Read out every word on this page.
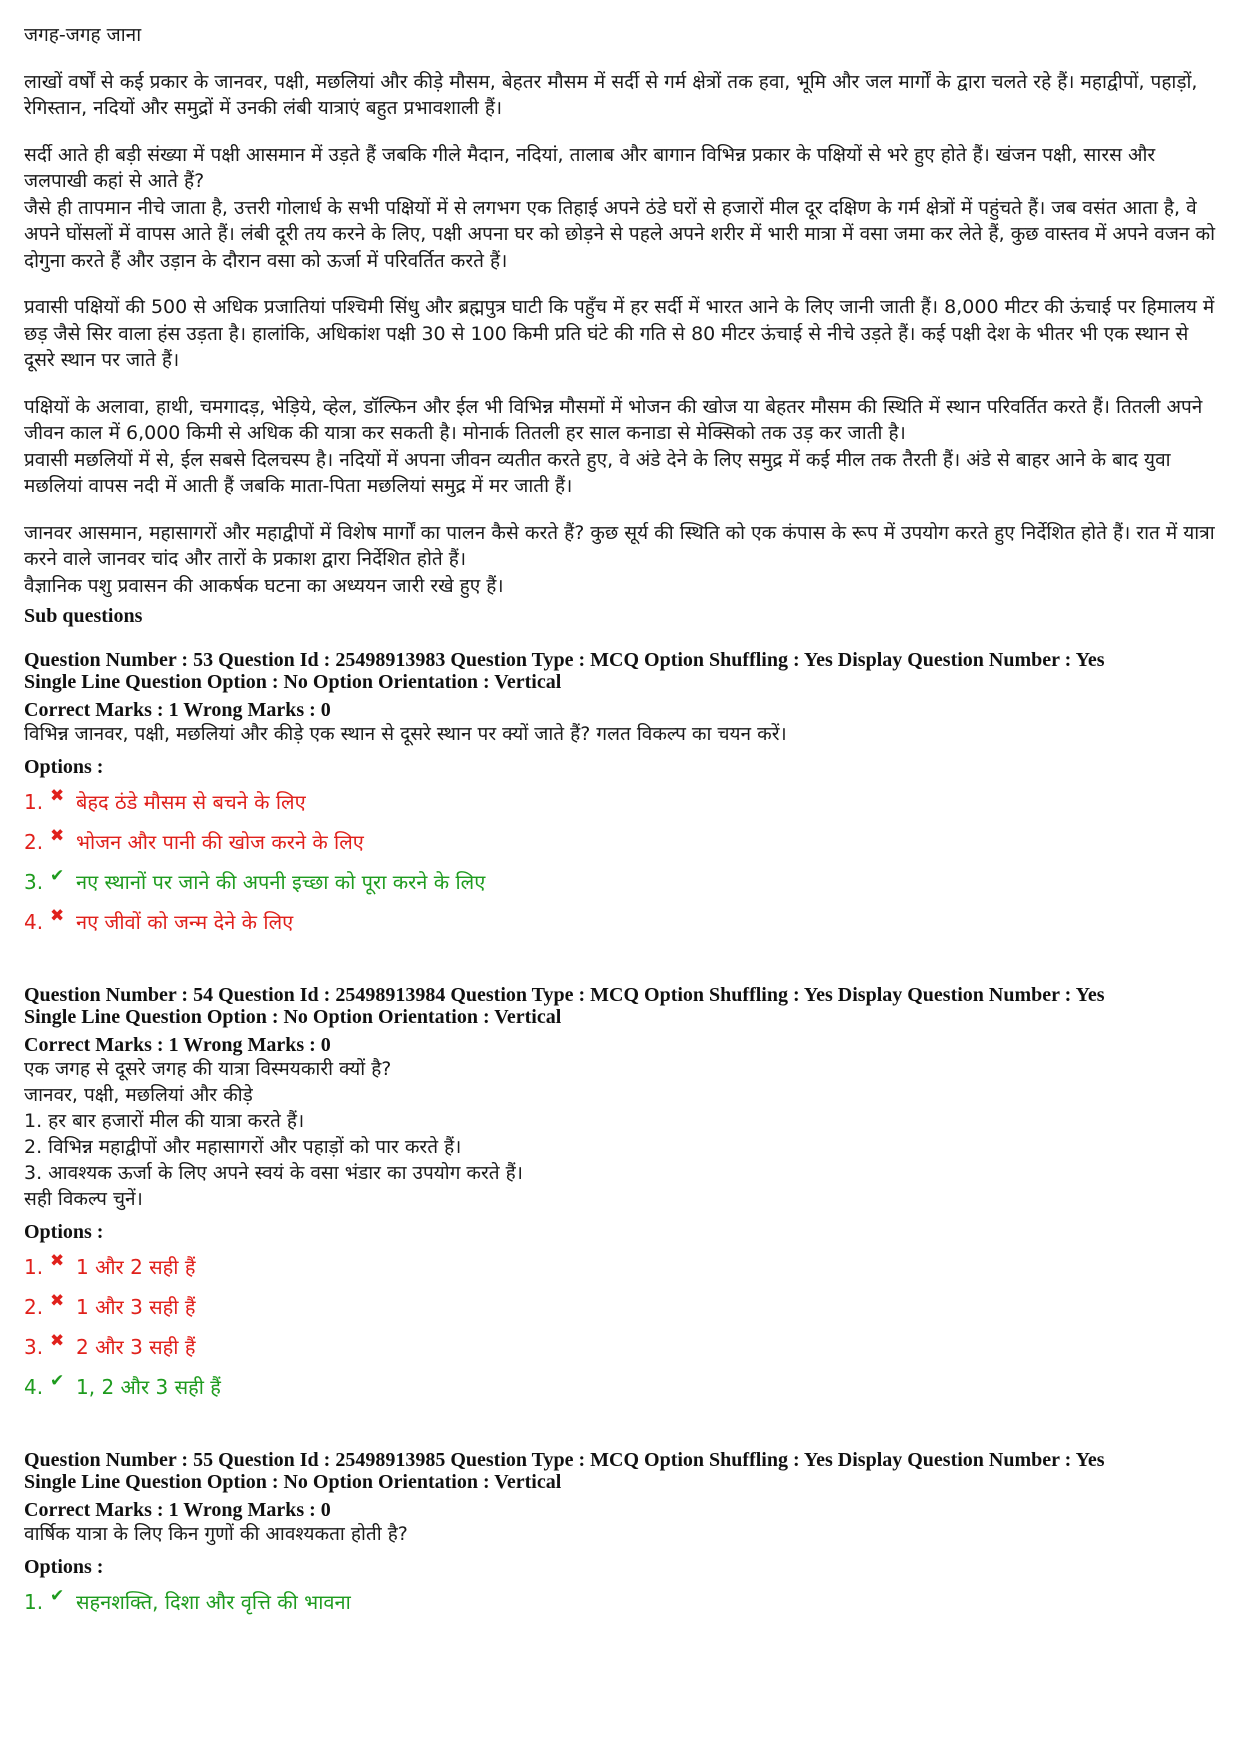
जगह-जगह जाना

लाखों वर्षों से कई प्रकार के जानवर, पक्षी, मछलियां और कीड़े मौसम, बेहतर मौसम में सर्दी से गर्म क्षेत्रों तक हवा, भूमि और जल मार्गों के द्वारा चलते रहे हैं। महाद्वीपों, पहाड़ों, रेगिस्तान, नदियों और समुद्रों में उनकी लंबी यात्राएं बहुत प्रभावशाली हैं।

सर्दी आते ही बड़ी संख्या में पक्षी आसमान में उड़ते हैं जबकि गीले मैदान, नदियां, तालाब और बागान विभिन्न प्रकार के पक्षियों से भरे हुए होते हैं। खंजन पक्षी, सारस और जलपाखी कहां से आते हैं?

जैसे ही तापमान नीचे जाता है, उत्तरी गोलार्ध के सभी पक्षियों में से लगभग एक तिहाई अपने ठंडे घरों से हजारों मील दूर दक्षिण के गर्म क्षेत्रों में पहुंचते हैं। जब वसंत आता है, वे अपने घोंसलों में वापस आते हैं। लंबी दूरी तय करने के लिए, पक्षी अपना घर को छोड़ने से पहले अपने शरीर में भारी मात्रा में वसा जमा कर लेते हैं, कुछ वास्तव में अपने वजन को दोगुना करते हैं और उड़ान के दौरान वसा को ऊर्जा में परिवर्तित करते हैं।

प्रवासी पक्षियों की 500 से अधिक प्रजातियां पश्चिमी सिंधु और ब्रह्मपुत्र घाटी कि पहुँच में हर सर्दी में भारत आने के लिए जानी जाती हैं। 8,000 मीटर की ऊंचाई पर हिमालय में छड़ जैसे सिर वाला हंस उड़ता है। हालांकि, अधिकांश पक्षी 30 से 100 किमी प्रति घंटे की गति से 80 मीटर ऊंचाई से नीचे उड़ते हैं। कई पक्षी देश के भीतर भी एक स्थान से दूसरे स्थान पर जाते हैं।

पक्षियों के अलावा, हाथी, चमगादड़, भेड़िये, व्हेल, डॉल्फिन और ईल भी विभिन्न मौसमों में भोजन की खोज या बेहतर मौसम की स्थिति में स्थान परिवर्तित करते हैं। तितली अपने जीवन काल में 6,000 किमी से अधिक की यात्रा कर सकती है। मोनार्क तितली हर साल कनाडा से मेक्सिको तक उड़ कर जाती है।

प्रवासी मछलियों में से, ईल सबसे दिलचस्प है। नदियों में अपना जीवन व्यतीत करते हुए, वे अंडे देने के लिए समुद्र में कई मील तक तैरती हैं। अंडे से बाहर आने के बाद युवा मछलियां वापस नदी में आती हैं जबकि माता-पिता मछलियां समुद्र में मर जाती हैं।

जानवर आसमान, महासागरों और महाद्वीपों में विशेष मार्गों का पालन कैसे करते हैं? कुछ सूर्य की स्थिति को एक कंपास के रूप में उपयोग करते हुए निर्देशित होते हैं। रात में यात्रा करने वाले जानवर चांद और तारों के प्रकाश द्वारा निर्देशित होते हैं।

वैज्ञानिक पशु प्रवासन की आकर्षक घटना का अध्ययन जारी रखे हुए हैं।

Sub questions

Question Number : 53 Question Id : 25498913983 Question Type : MCQ Option Shuffling : Yes Display Question Number : Yes

Single Line Question Option : No Option Orientation : Vertical

Correct Marks : 1 Wrong Marks : 0

विभिन्न जानवर, पक्षी, मछलियां और कीड़े एक स्थान से दूसरे स्थान पर क्यों जाते हैं? गलत विकल्प का चयन करें।

Options :

1. ✖ बेहद ठंडे मौसम से बचने के लिए
2. ✖ भोजन और पानी की खोज करने के लिए
3. ✔ नए स्थानों पर जाने की अपनी इच्छा को पूरा करने के लिए
4. ✖ नए जीवों को जन्म देने के लिए

Question Number : 54 Question Id : 25498913984 Question Type : MCQ Option Shuffling : Yes Display Question Number : Yes

Single Line Question Option : No Option Orientation : Vertical

Correct Marks : 1 Wrong Marks : 0

एक जगह से दूसरे जगह की यात्रा विस्मयकारी क्यों है?

जानवर, पक्षी, मछलियां और कीड़े

1. हर बार हजारों मील की यात्रा करते हैं।

2. विभिन्न महाद्वीपों और महासागरों और पहाड़ों को पार करते हैं।

3. आवश्यक ऊर्जा के लिए अपने स्वयं के वसा भंडार का उपयोग करते हैं।

सही विकल्प चुनें।

Options :

1. ✖ 1 और 2 सही हैं
2. ✖ 1 और 3 सही हैं
3. ✖ 2 और 3 सही हैं
4. ✔ 1, 2 और 3 सही हैं

Question Number : 55 Question Id : 25498913985 Question Type : MCQ Option Shuffling : Yes Display Question Number : Yes

Single Line Question Option : No Option Orientation : Vertical

Correct Marks : 1 Wrong Marks : 0

वार्षिक यात्रा के लिए किन गुणों की आवश्यकता होती है?

Options :

1. ✔ सहनशक्ति, दिशा और वृत्ति की भावना
